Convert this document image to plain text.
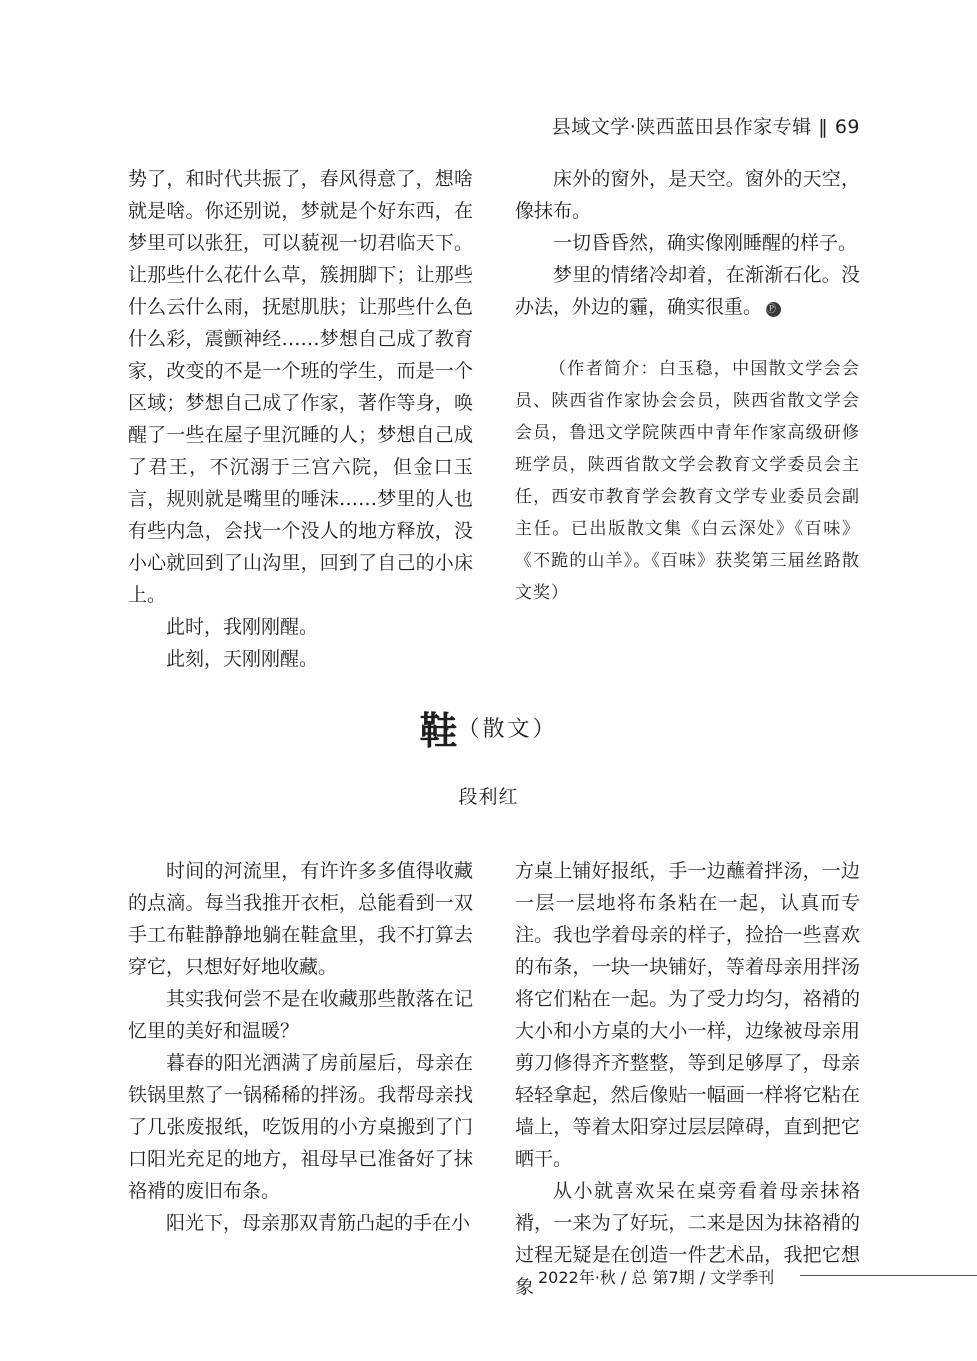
县域文学·陕西蓝田县作家专辑 ‖ 69

势了，和时代共振了，春风得意了，想啥就是啥。你还别说，梦就是个好东西，在梦里可以张狂，可以藐视一切君临天下。让那些什么花什么草，簇拥脚下；让那些什么云什么雨，抚慰肌肤；让那些什么色什么彩，震颤神经……梦想自己成了教育家，改变的不是一个班的学生，而是一个区域；梦想自己成了作家，著作等身，唤醒了一些在屋子里沉睡的人；梦想自己成了君王，不沉溺于三宫六院，但金口玉言，规则就是嘴里的唾沫……梦里的人也有些内急，会找一个没人的地方释放，没小心就回到了山沟里，回到了自己的小床上。

此时，我刚刚醒。

此刻，天刚刚醒。

床外的窗外，是天空。窗外的天空，像抹布。

一切昏昏然，确实像刚睡醒的样子。

梦里的情绪冷却着，在渐渐石化。没办法，外边的霾，确实很重。 Ⓟ

（作者简介：白玉稳，中国散文学会会员、陕西省作家协会会员，陕西省散文学会会员，鲁迅文学院陕西中青年作家高级研修班学员，陕西省散文学会教育文学委员会主任，西安市教育学会教育文学专业委员会副主任。已出版散文集《白云深处》《百味》《不跪的山羊》。《百味》获奖第三届丝路散文奖）

鞋（散文）
段利红

时间的河流里，有许许多多值得收藏的点滴。每当我推开衣柜，总能看到一双手工布鞋静静地躺在鞋盒里，我不打算去穿它，只想好好地收藏。

其实我何尝不是在收藏那些散落在记忆里的美好和温暖？

暮春的阳光洒满了房前屋后，母亲在铁锅里熬了一锅稀稀的拌汤。我帮母亲找了几张废报纸，吃饭用的小方桌搬到了门口阳光充足的地方，祖母早已准备好了抹袼褙的废旧布条。

阳光下，母亲那双青筋凸起的手在小

方桌上铺好报纸，手一边蘸着拌汤，一边一层一层地将布条粘在一起，认真而专注。我也学着母亲的样子，捡拾一些喜欢的布条，一块一块铺好，等着母亲用拌汤将它们粘在一起。为了受力均匀，袼褙的大小和小方桌的大小一样，边缘被母亲用剪刀修得齐齐整整，等到足够厚了，母亲轻轻拿起，然后像贴一幅画一样将它粘在墙上，等着太阳穿过层层障碍，直到把它晒干。

从小就喜欢呆在桌旁看着母亲抹袼褙，一来为了好玩，二来是因为抹袼褙的过程无疑是在创造一件艺术品，我把它想象 2022年·秋 / 总 第7期 / 文学季刊
